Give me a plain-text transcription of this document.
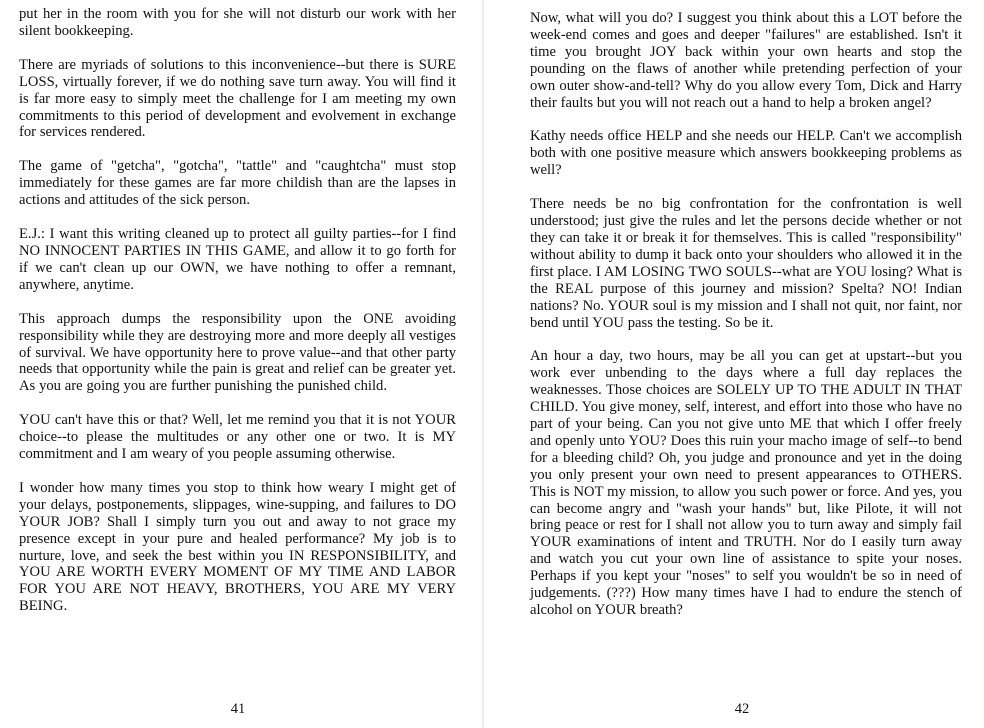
put her in the room with you for she will not disturb our work with her silent bookkeeping.

There are myriads of solutions to this inconvenience--but there is SURE LOSS, virtually forever, if we do nothing save turn away. You will find it is far more easy to simply meet the challenge for I am meeting my own commitments to this period of development and evolvement in exchange for services rendered.

The game of "getcha", "gotcha", "tattle" and "caughtcha" must stop immediately for these games are far more childish than are the lapses in actions and attitudes of the sick person.

E.J.: I want this writing cleaned up to protect all guilty parties--for I find NO INNOCENT PARTIES IN THIS GAME, and allow it to go forth for if we can't clean up our OWN, we have nothing to offer a remnant, anywhere, anytime.

This approach dumps the responsibility upon the ONE avoiding responsibility while they are destroying more and more deeply all vestiges of survival. We have opportunity here to prove value--and that other party needs that opportunity while the pain is great and relief can be greater yet. As you are going you are further punishing the punished child.

YOU can't have this or that? Well, let me remind you that it is not YOUR choice--to please the multitudes or any other one or two. It is MY commitment and I am weary of you people assuming otherwise.

I wonder how many times you stop to think how weary I might get of your delays, postponements, slippages, wine-supping, and failures to DO YOUR JOB? Shall I simply turn you out and away to not grace my presence except in your pure and healed performance? My job is to nurture, love, and seek the best within you IN RESPONSIBILITY, and YOU ARE WORTH EVERY MOMENT OF MY TIME AND LABOR FOR YOU ARE NOT HEAVY, BROTHERS, YOU ARE MY VERY BEING.

41

Now, what will you do? I suggest you think about this a LOT before the week-end comes and goes and deeper "failures" are established. Isn't it time you brought JOY back within your own hearts and stop the pounding on the flaws of another while pretending perfection of your own outer show-and-tell? Why do you allow every Tom, Dick and Harry their faults but you will not reach out a hand to help a broken angel?

Kathy needs office HELP and she needs our HELP. Can't we accomplish both with one positive measure which answers bookkeeping problems as well?

There needs be no big confrontation for the confrontation is well understood; just give the rules and let the persons decide whether or not they can take it or break it for themselves. This is called "responsibility" without ability to dump it back onto your shoulders who allowed it in the first place. I AM LOSING TWO SOULS--what are YOU losing? What is the REAL purpose of this journey and mission? Spelta? NO! Indian nations? No. YOUR soul is my mission and I shall not quit, nor faint, nor bend until YOU pass the testing. So be it.

An hour a day, two hours, may be all you can get at upstart--but you work ever unbending to the days where a full day replaces the weaknesses. Those choices are SOLELY UP TO THE ADULT IN THAT CHILD. You give money, self, interest, and effort into those who have no part of your being. Can you not give unto ME that which I offer freely and openly unto YOU? Does this ruin your macho image of self--to bend for a bleeding child? Oh, you judge and pronounce and yet in the doing you only present your own need to present appearances to OTHERS. This is NOT my mission, to allow you such power or force. And yes, you can become angry and "wash your hands" but, like Pilote, it will not bring peace or rest for I shall not allow you to turn away and simply fail YOUR examinations of intent and TRUTH. Nor do I easily turn away and watch you cut your own line of assistance to spite your noses. Perhaps if you kept your "noses" to self you wouldn't be so in need of judgements. (???) How many times have I had to endure the stench of alcohol on YOUR breath?

42
